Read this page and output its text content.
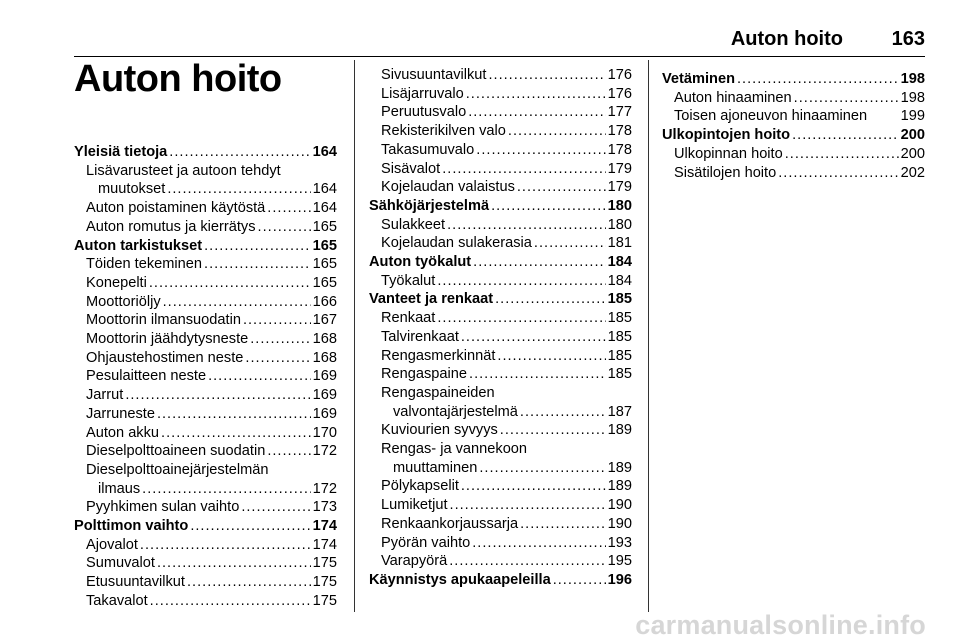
Auton hoito 163
Auton hoito
Yleisiä tietoja .....	164
Lisävarusteet ja autoon tehdyt
muutokset .....	164
Auton poistaminen käytöstä .....	164
Auton romutus ja kierrätys .....	165
Auton tarkistukset .....	165
Töiden tekeminen .....	165
Konepelti .....	165
Moottoriöljy .....	166
Moottorin ilmansuodatin .....	167
Moottorin jäähdytysneste .....	168
Ohjaustehostimen neste .....	168
Pesulaitteen neste .....	169
Jarrut .....	169
Jarruneste .....	169
Auton akku .....	170
Dieselpolttoaineen suodatin .....	172
Dieselpolttoainejärjestelmän
ilmaus .....	172
Pyyhkimen sulan vaihto .....	173
Polttimon vaihto .....	174
Ajovalot .....	174
Sumuvalot .....	175
Etusuuntavilkut .....	175
Takavalot .....	175
Sivusuuntavilkut .....	176
Lisäjarruvalo .....	176
Peruutusvalo .....	177
Rekisterikilven valo .....	178
Takasumuvalo .....	178
Sisävalot .....	179
Kojelaudan valaistus .....	179
Sähköjärjestelmä .....	180
Sulakkeet .....	180
Kojelaudan sulakerasia .....	181
Auton työkalut .....	184
Työkalut .....	184
Vanteet ja renkaat .....	185
Renkaat .....	185
Talvirenkaat .....	185
Rengasmerkinnät .....	185
Rengaspaine .....	185
Rengaspaineiden
valvontajärjestelmä .....	187
Kuviourien syvyys .....	189
Rengas- ja vannekoon
muuttaminen .....	189
Pölykapselit .....	189
Lumiketjut .....	190
Renkaankorjaussarja .....	190
Pyörän vaihto .....	193
Varapyörä .....	195
Käynnistys apukaapeleilla .....	196
Vetäminen .....	198
Auton hinaaminen .....	198
Toisen ajoneuvon hinaaminen 199
Ulkopintojen hoito .....	200
Ulkopinnan hoito .....	200
Sisätilojen hoito .....	202
carmanualsonline.info
